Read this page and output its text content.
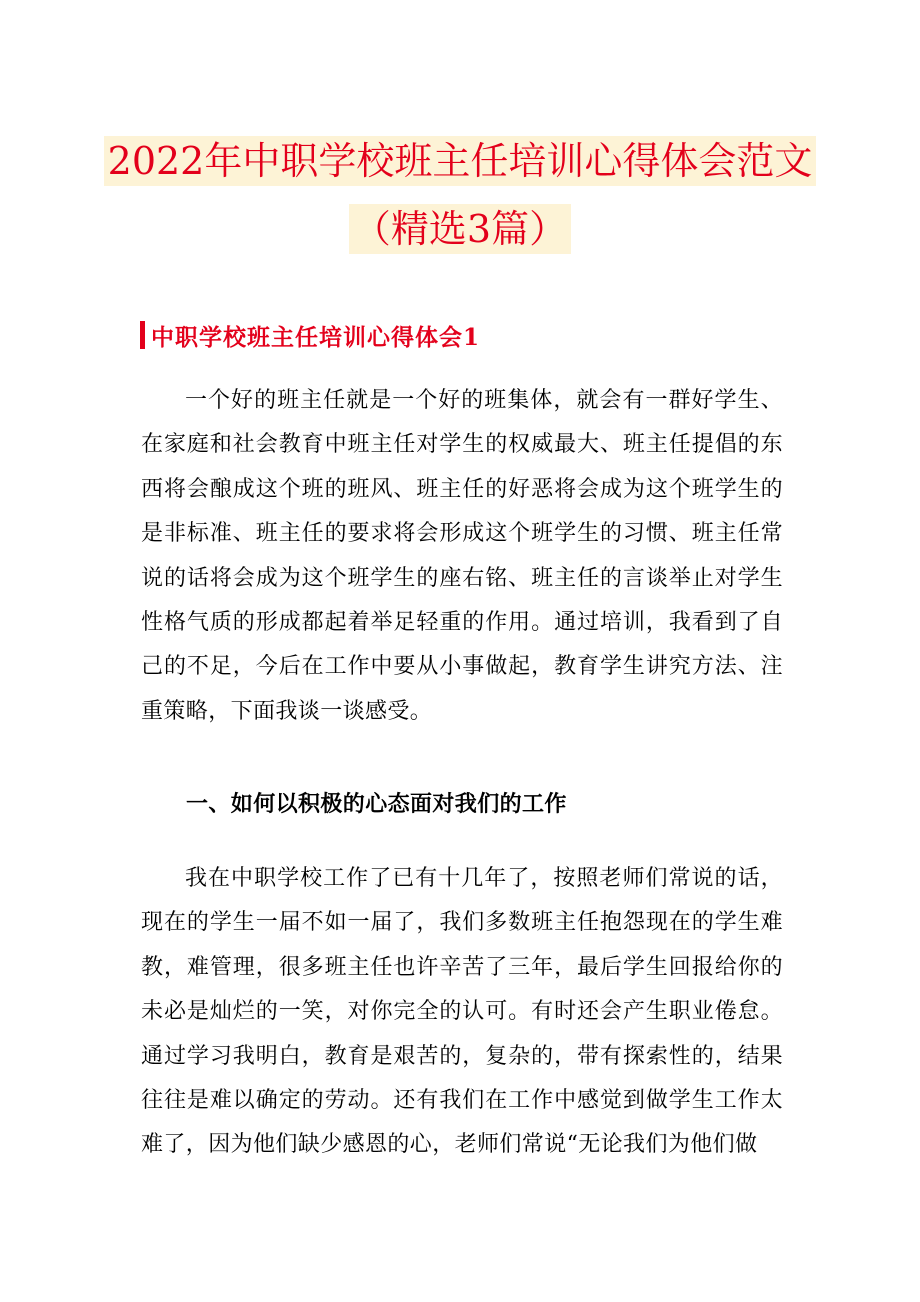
2022年中职学校班主任培训心得体会范文
（精选3篇）
中职学校班主任培训心得体会1

一个好的班主任就是一个好的班集体，就会有一群好学生、在家庭和社会教育中班主任对学生的权威最大、班主任提倡的东西将会酿成这个班的班风、班主任的好恶将会成为这个班学生的是非标准、班主任的要求将会形成这个班学生的习惯、班主任常说的话将会成为这个班学生的座右铭、班主任的言谈举止对学生性格气质的形成都起着举足轻重的作用。通过培训，我看到了自己的不足，今后在工作中要从小事做起，教育学生讲究方法、注重策略，下面我谈一谈感受。

一、如何以积极的心态面对我们的工作

我在中职学校工作了已有十几年了，按照老师们常说的话，现在的学生一届不如一届了，我们多数班主任抱怨现在的学生难教，难管理，很多班主任也许辛苦了三年，最后学生回报给你的未必是灿烂的一笑，对你完全的认可。有时还会产生职业倦怠。通过学习我明白，教育是艰苦的，复杂的，带有探索性的，结果往往是难以确定的劳动。还有我们在工作中感觉到做学生工作太难了，因为他们缺少感恩的心，老师们常说“无论我们为他们做
